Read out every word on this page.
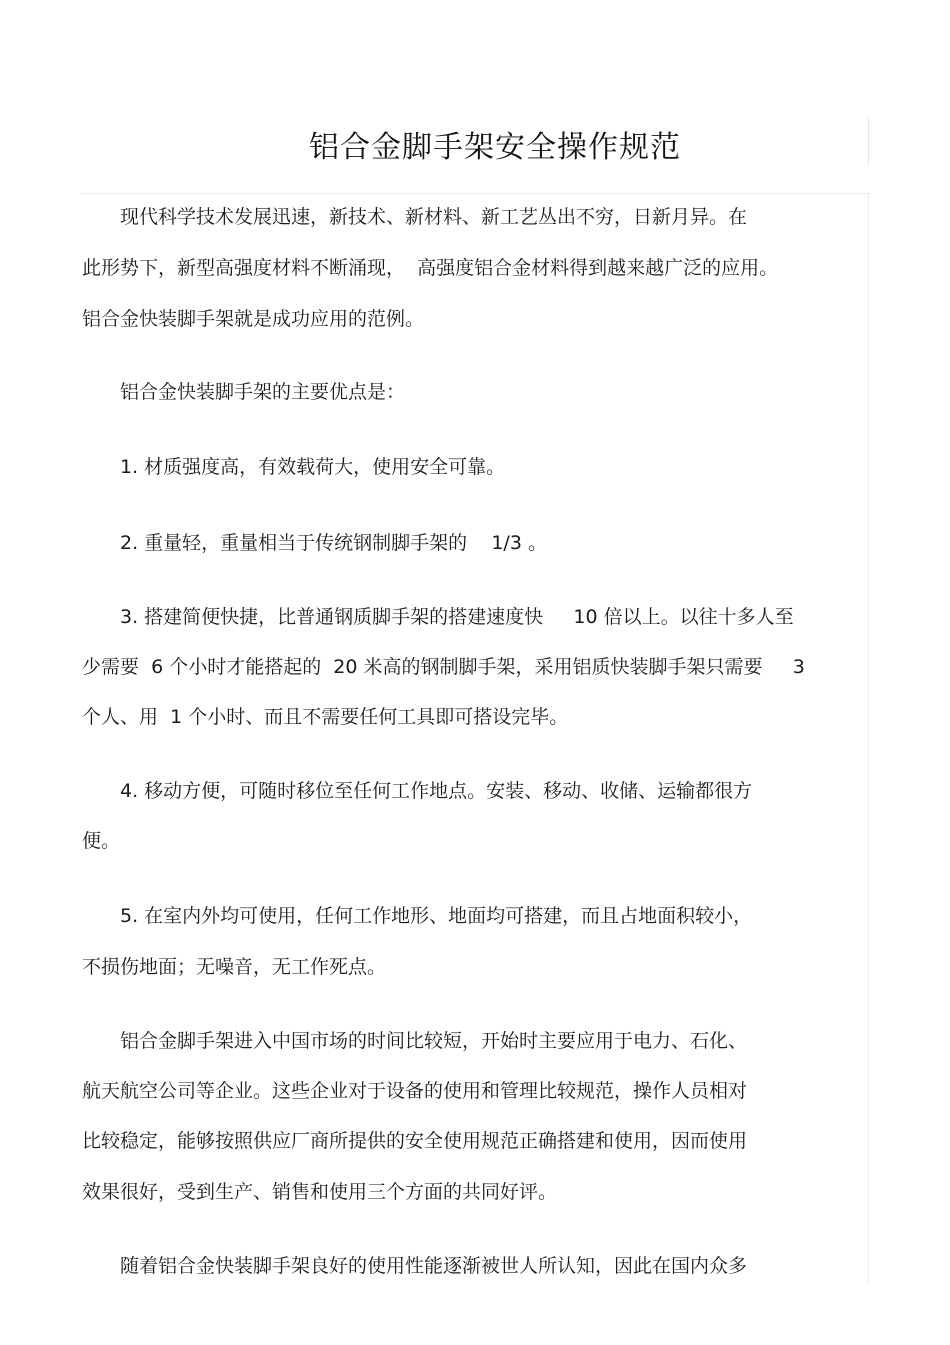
铝合金脚手架安全操作规范

现代科学技术发展迅速，新技术、新材料、新工艺丛出不穷，日新月异。在

此形势下，新型高强度材料不断涌现，  高强度铝合金材料得到越来越广泛的应用。

铝合金快装脚手架就是成功应用的范例。

铝合金快装脚手架的主要优点是：

1. 材质强度高，有效载荷大，使用安全可靠。

2. 重量轻，重量相当于传统钢制脚手架的    1/3 。

3. 搭建简便快捷，比普通钢质脚手架的搭建速度快     10 倍以上。以往十多人至

少需要  6 个小时才能搭起的  20 米高的钢制脚手架，采用铝质快装脚手架只需要     3

个人、用  1 个小时、而且不需要任何工具即可搭设完毕。

4. 移动方便，可随时移位至任何工作地点。安装、移动、收储、运输都很方

便。

5. 在室内外均可使用，任何工作地形、地面均可搭建，而且占地面积较小，

不损伤地面；无噪音，无工作死点。

铝合金脚手架进入中国市场的时间比较短，开始时主要应用于电力、石化、

航天航空公司等企业。这些企业对于设备的使用和管理比较规范，操作人员相对

比较稳定，能够按照供应厂商所提供的安全使用规范正确搭建和使用，因而使用

效果很好，受到生产、销售和使用三个方面的共同好评。

随着铝合金快装脚手架良好的使用性能逐渐被世人所认知，因此在国内众多
